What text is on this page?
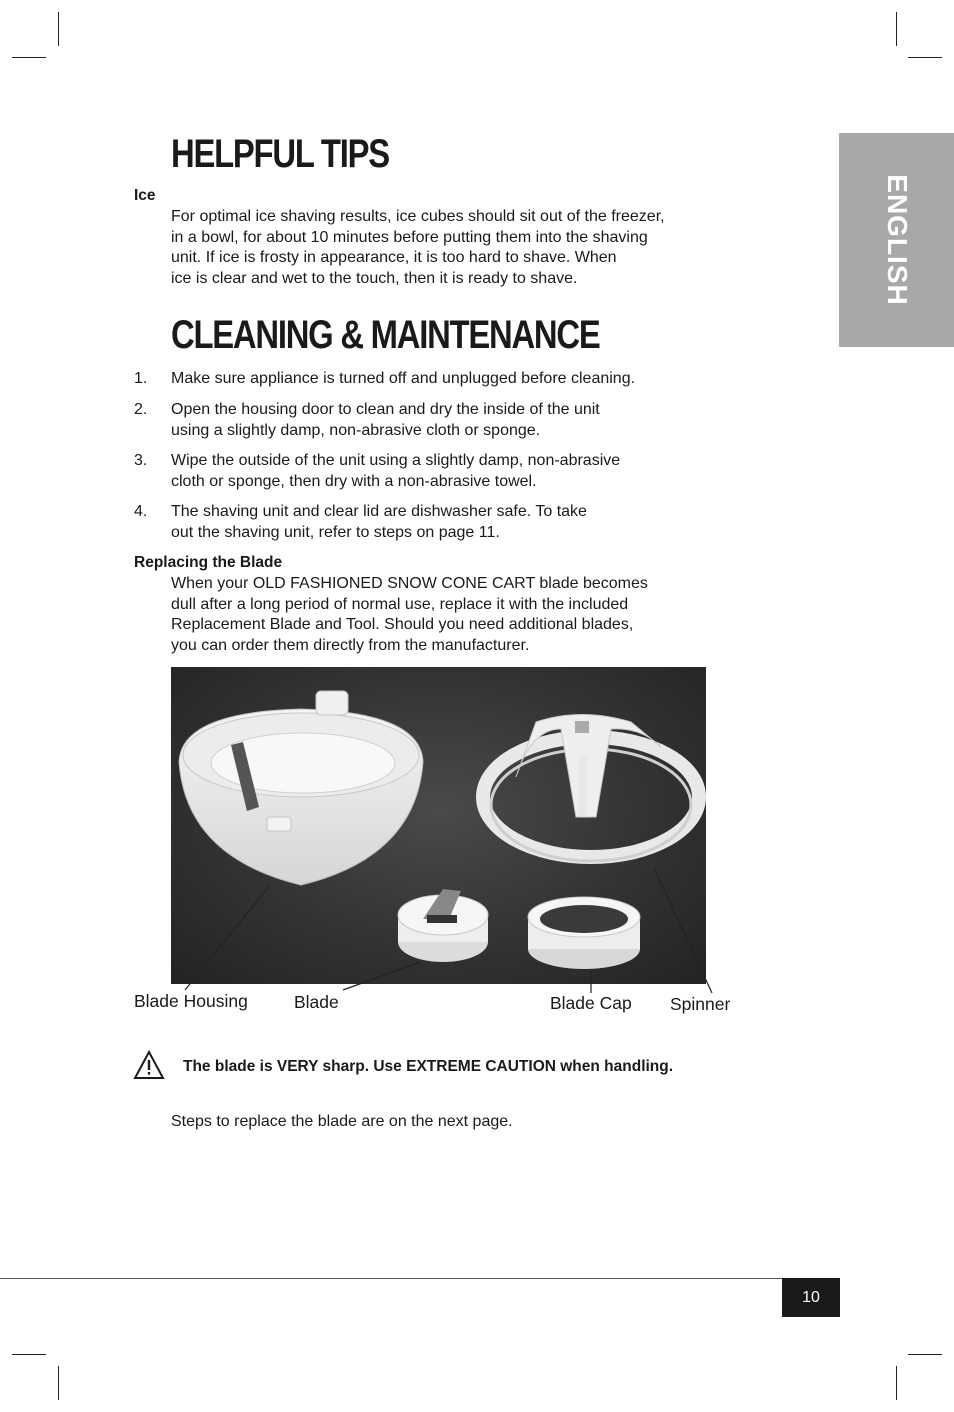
ENGLISH
HELPFUL TIPS
Ice
For optimal ice shaving results, ice cubes should sit out of the freezer,
in a bowl, for about 10 minutes before putting them into the shaving
unit. If ice is frosty in appearance, it is too hard to shave. When
ice is clear and wet to the touch, then it is ready to shave.
CLEANING & MAINTENANCE
1. Make sure appliance is turned off and unplugged before cleaning.
2. Open the housing door to clean and dry the inside of the unit
using a slightly damp, non-abrasive cloth or sponge.
3. Wipe the outside of the unit using a slightly damp, non-abrasive
cloth or sponge, then dry with a non-abrasive towel.
4. The shaving unit and clear lid are dishwasher safe. To take
out the shaving unit, refer to steps on page 11.
Replacing the Blade
When your OLD FASHIONED SNOW CONE CART blade becomes
dull after a long period of normal use, replace it with the included
Replacement Blade and Tool. Should you need additional blades,
you can order them directly from the manufacturer.
Blade Housing	Blade	Blade Cap Spinner
The blade is VERY sharp. Use EXTREME CAUTION when handling.
Steps to replace the blade are on the next page.
10
